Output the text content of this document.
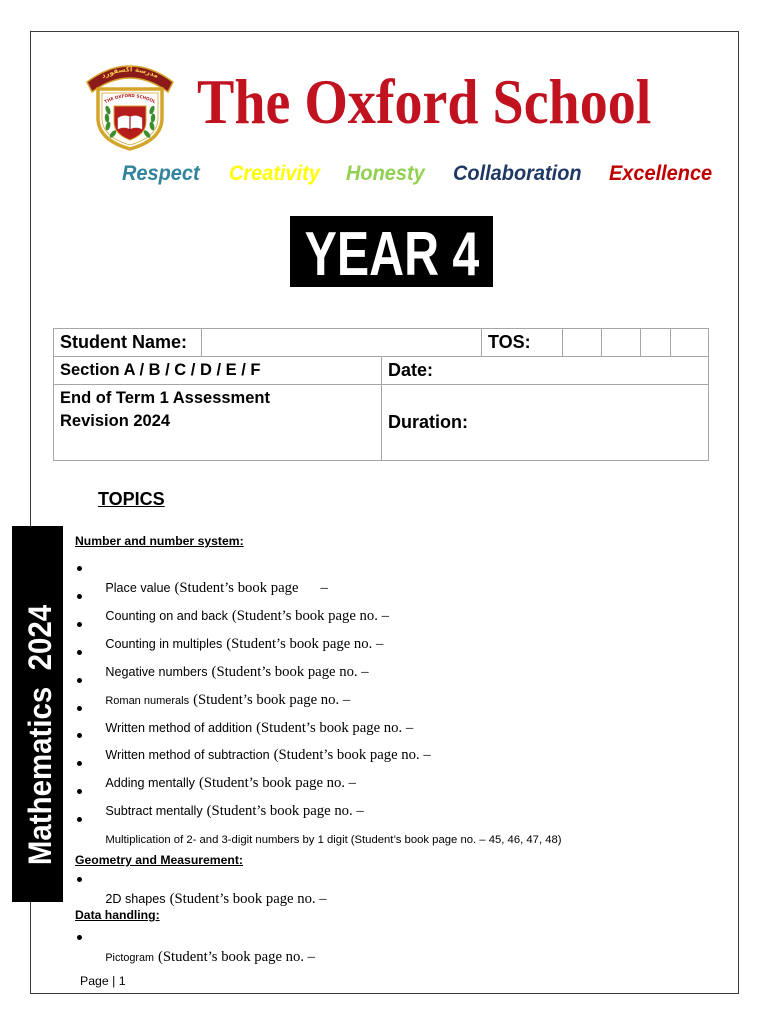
مدرسة أكسفورد
THE OXFORD SCHOOL The Oxford School
Respect Creativity Honesty Collaboration Excellence
YEAR 4
Student Name:			TOS:				
Section A / B / C / D / E / F		Date:					

End of Term 1 Assessment
Revision 2024		Duration:					
TOPICS
Mathematics  2024
Number and number system:

Place value (Student’s book page      –

Counting on and back (Student’s book page no. –

Counting in multiples (Student’s book page no. –

Negative numbers (Student’s book page no. –

Roman numerals (Student’s book page no. –

Written method of addition (Student’s book page no. –

Written method of subtraction (Student’s book page no. –

Adding mentally (Student’s book page no. –

Subtract mentally (Student’s book page no. –

Multiplication of 2- and 3-digit numbers by 1 digit (Student’s book page no. – 45, 46, 47, 48)

Geometry and Measurement:

2D shapes (Student’s book page no. –

Data handling:

Pictogram (Student’s book page no. –

Page | 1
